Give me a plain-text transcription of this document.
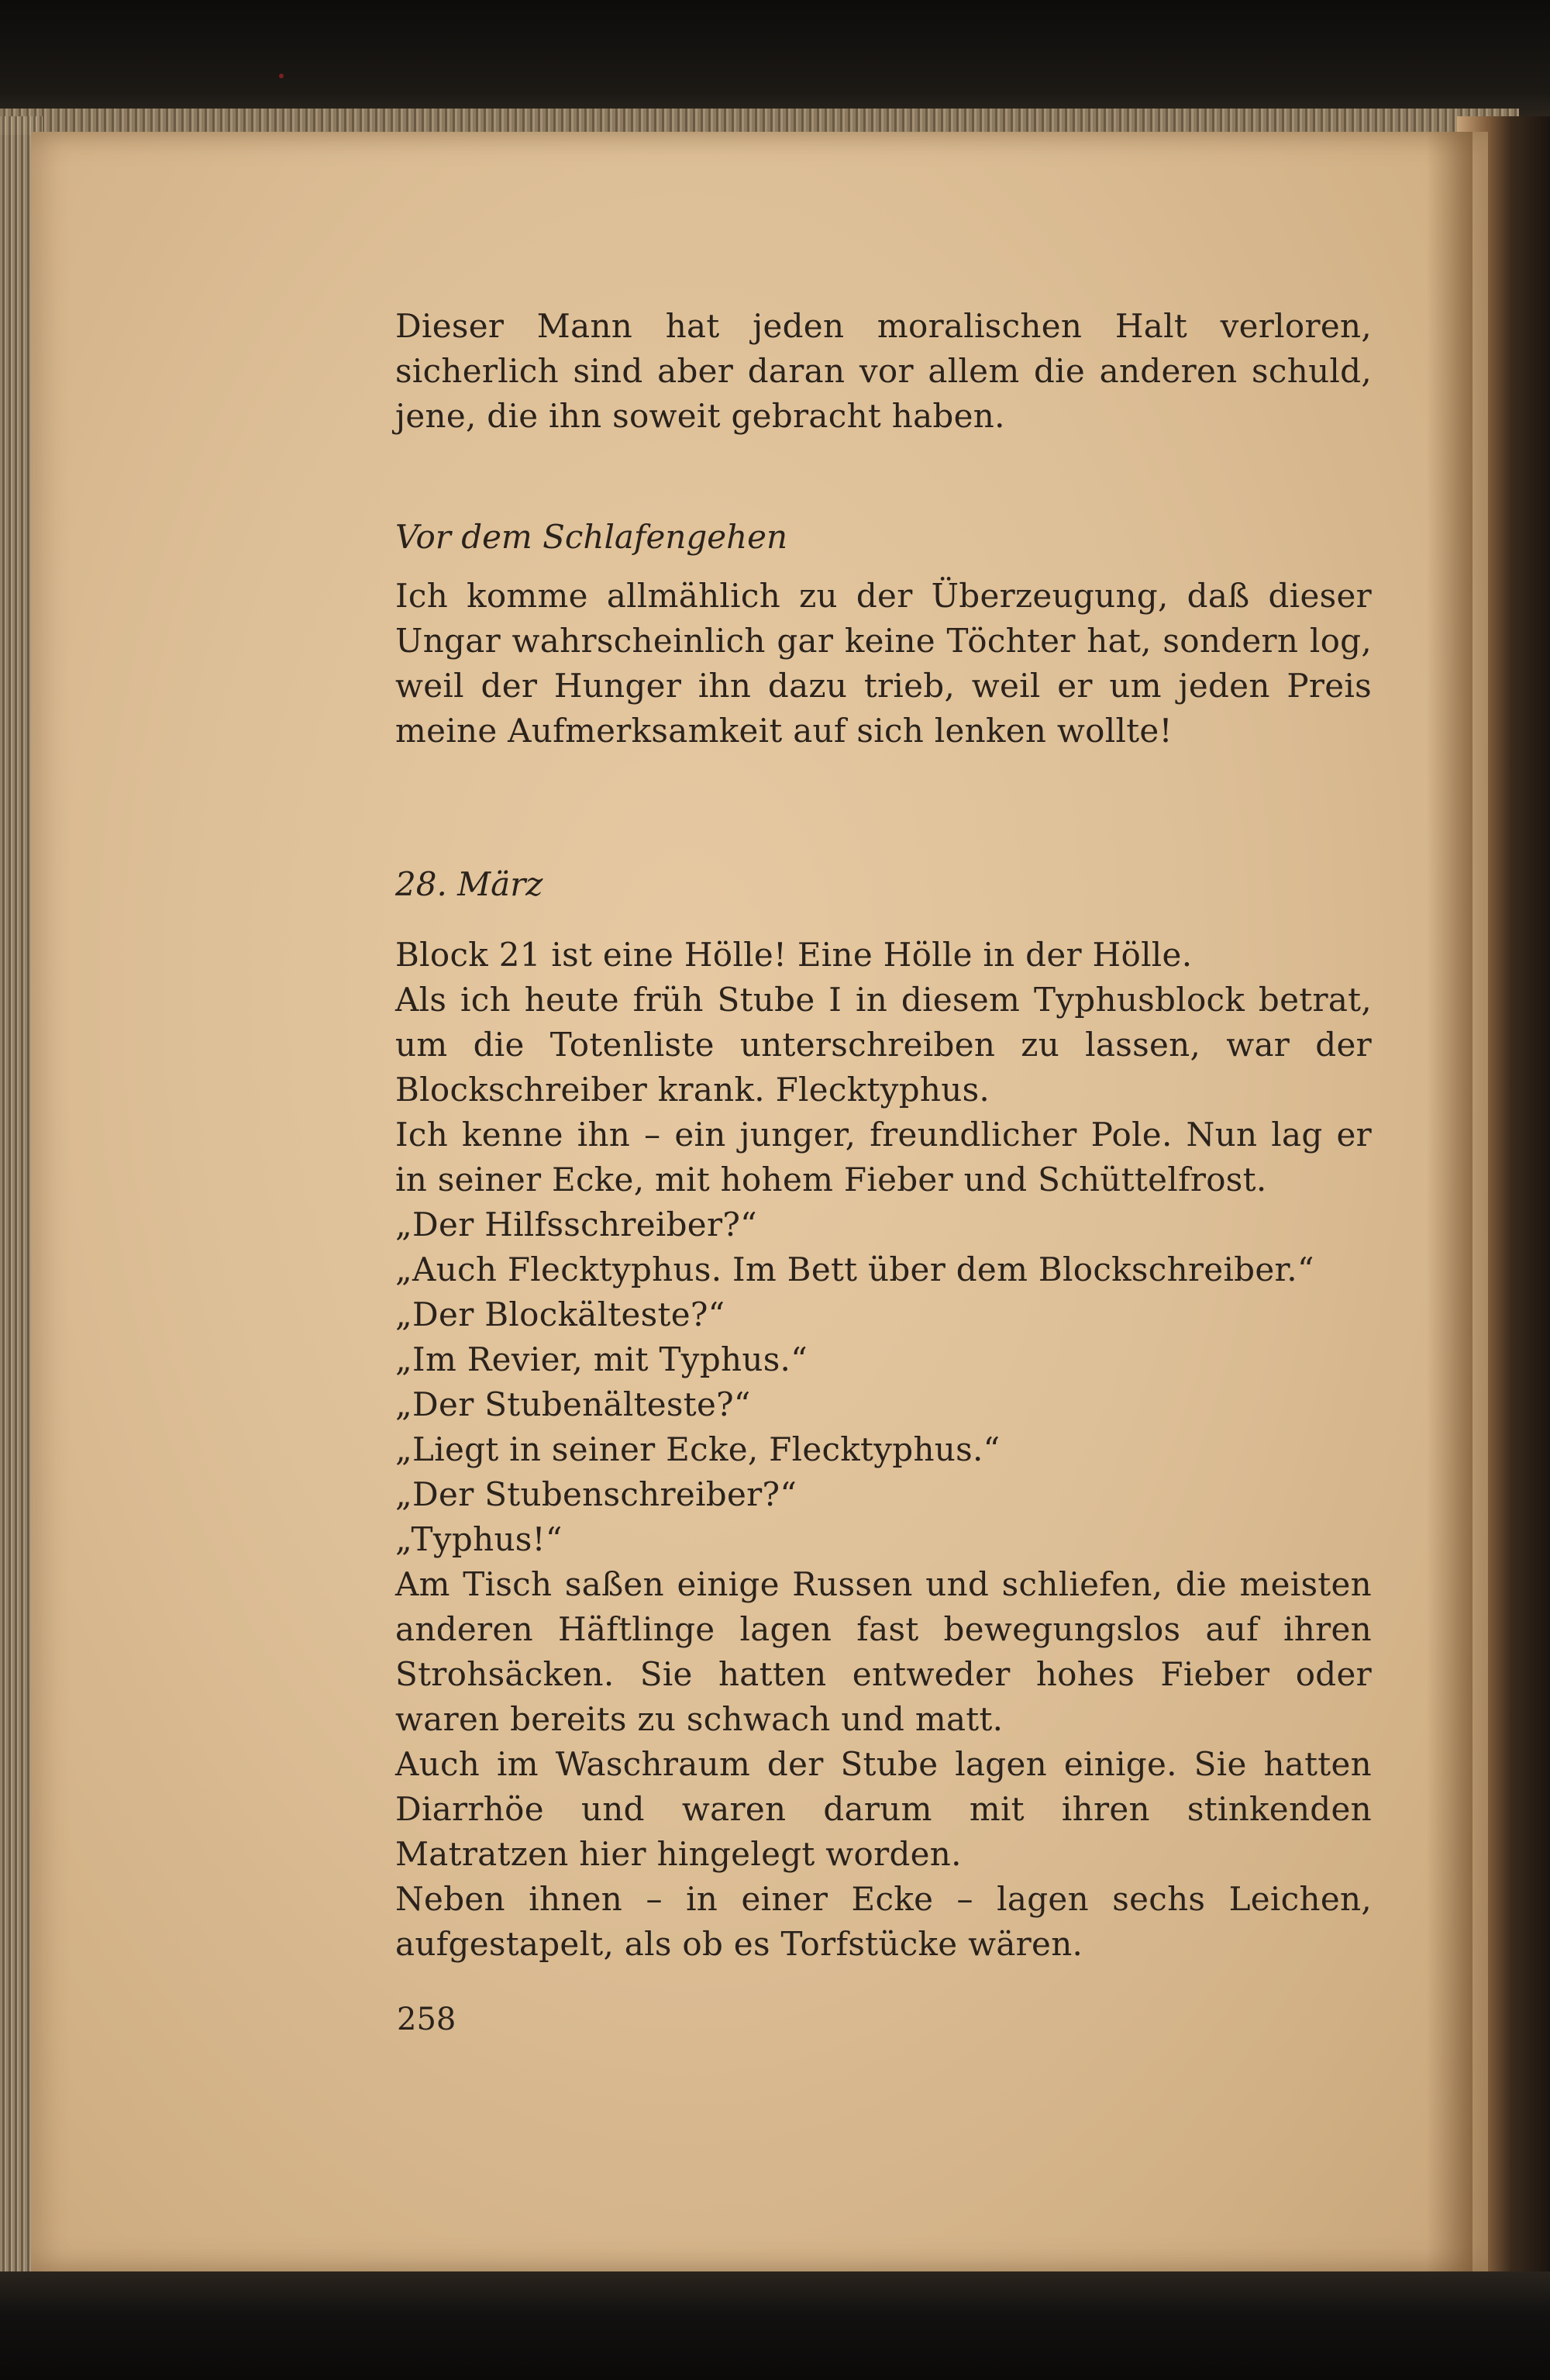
Dieser Mann hat jeden moralischen Halt verloren, sicherlich sind aber daran vor allem die anderen schuld, jene, die ihn soweit gebracht haben.

Vor dem Schlafengehen

Ich komme allmählich zu der Überzeugung, daß dieser Ungar wahrscheinlich gar keine Töchter hat, sondern log, weil der Hunger ihn dazu trieb, weil er um jeden Preis meine Aufmerksamkeit auf sich lenken wollte!

28. März

Block 21 ist eine Hölle! Eine Hölle in der Hölle.

Als ich heute früh Stube I in diesem Typhusblock betrat, um die Totenliste unterschreiben zu lassen, war der Blockschreiber krank. Flecktyphus.

Ich kenne ihn – ein junger, freundlicher Pole. Nun lag er in seiner Ecke, mit hohem Fieber und Schüttelfrost.

„Der Hilfsschreiber?“

„Auch Flecktyphus. Im Bett über dem Blockschreiber.“

„Der Blockälteste?“

„Im Revier, mit Typhus.“

„Der Stubenälteste?“

„Liegt in seiner Ecke, Flecktyphus.“

„Der Stubenschreiber?“

„Typhus!“

Am Tisch saßen einige Russen und schliefen, die meisten anderen Häftlinge lagen fast bewegungslos auf ihren Strohsäcken. Sie hatten entweder hohes Fieber oder waren bereits zu schwach und matt.

Auch im Waschraum der Stube lagen einige. Sie hatten Diarrhöe und waren darum mit ihren stinkenden Matratzen hier hingelegt worden.

Neben ihnen – in einer Ecke – lagen sechs Leichen, aufgestapelt, als ob es Torfstücke wären.

258
